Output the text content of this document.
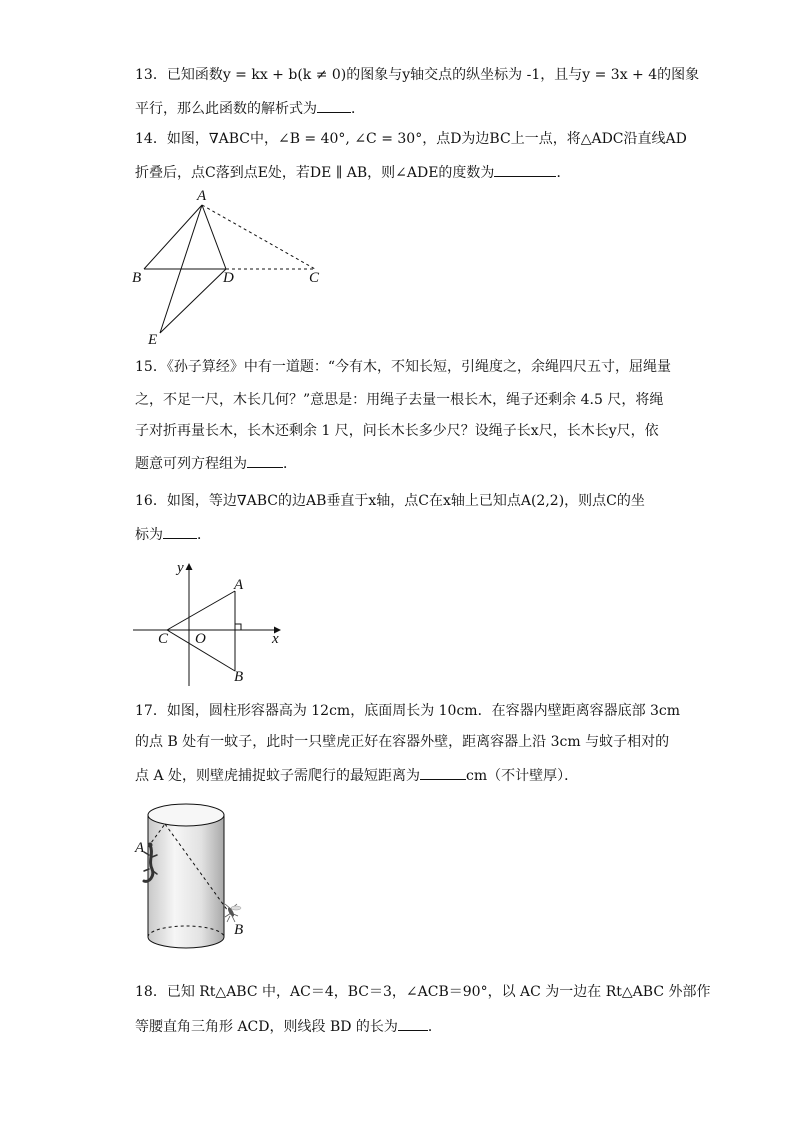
13．已知函数y = kx + b(k ≠ 0)的图象与y轴交点的纵坐标为 -1，且与y = 3x + 4的图象
平行，那么此函数的解析式为 ．
14．如图，∇ABC中，∠B = 40°, ∠C = 30°，点D为边BC上一点，将△ADC沿直线AD
折叠后，点C落到点E处，若DE ∥ AB，则∠ADE的度数为	．
A
B	D	C
E
15．《孙子算经》中有一道题：“今有木，不知长短，引绳度之，余绳四尺五寸，屈绳量
之，不足一尺，木长几何？”意思是：用绳子去量一根长木，绳子还剩余 4.5 尺，将绳
子对折再量长木，长木还剩余 1 尺，问长木长多少尺？设绳子长x尺，长木长y尺，依
题意可列方程组为	．
16．如图，等边∇ABC的边AB垂直于x轴，点C在x轴上已知点A(2,2)，则点C的坐
标为 ．
y
x
A
B
C O
17．如图，圆柱形容器高为 12cm，底面周长为 10cm．在容器内壁距离容器底部 3cm
的点 B 处有一蚊子，此时一只壁虎正好在容器外壁，距离容器上沿 3cm 与蚊子相对的
点 A 处，则壁虎捕捉蚊子需爬行的最短距离为	cm（不计壁厚）．
A
B
18．已知 Rt△ABC 中，AC＝4，BC＝3，∠ACB＝90°，以 AC 为一边在 Rt△ABC 外部作
等腰直角三角形 ACD，则线段 BD 的长为 ．
